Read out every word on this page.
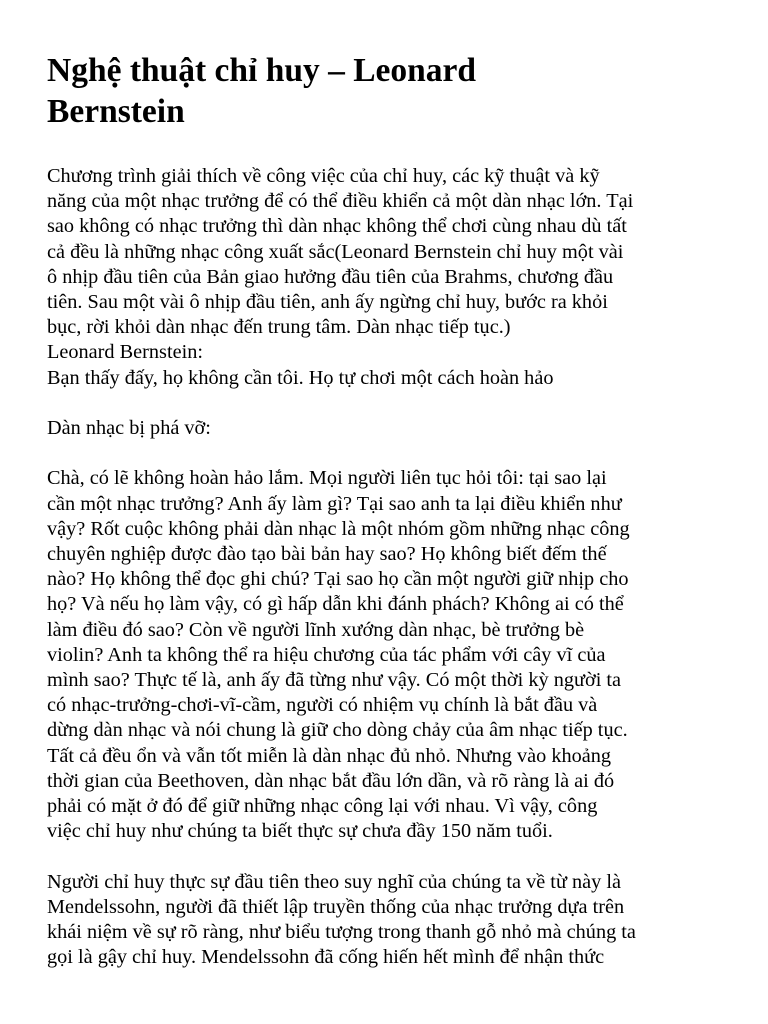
Nghệ thuật chỉ huy – Leonard
Bernstein

Chương trình giải thích về công việc của chỉ huy, các kỹ thuật và kỹ
năng của một nhạc trưởng để có thể điều khiển cả một dàn nhạc lớn. Tại
sao không có nhạc trưởng thì dàn nhạc không thể chơi cùng nhau dù tất
cả đều là những nhạc công xuất sắc(Leonard Bernstein chỉ huy một vài
ô nhịp đầu tiên của Bản giao hưởng đầu tiên của Brahms, chương đầu
tiên. Sau một vài ô nhịp đầu tiên, anh ấy ngừng chỉ huy, bước ra khỏi
bục, rời khỏi dàn nhạc đến trung tâm. Dàn nhạc tiếp tục.)
Leonard Bernstein:
Bạn thấy đấy, họ không cần tôi. Họ tự chơi một cách hoàn hảo

Dàn nhạc bị phá vỡ:

Chà, có lẽ không hoàn hảo lắm. Mọi người liên tục hỏi tôi: tại sao lại
cần một nhạc trưởng? Anh ấy làm gì? Tại sao anh ta lại điều khiển như
vậy? Rốt cuộc không phải dàn nhạc là một nhóm gồm những nhạc công
chuyên nghiệp được đào tạo bài bản hay sao? Họ không biết đếm thế
nào? Họ không thể đọc ghi chú? Tại sao họ cần một người giữ nhịp cho
họ? Và nếu họ làm vậy, có gì hấp dẫn khi đánh phách? Không ai có thể
làm điều đó sao? Còn về người lĩnh xướng dàn nhạc, bè trưởng bè
violin? Anh ta không thể ra hiệu chương của tác phẩm với cây vĩ của
mình sao? Thực tế là, anh ấy đã từng như vậy. Có một thời kỳ người ta
có nhạc-trưởng-chơi-vĩ-cầm, người có nhiệm vụ chính là bắt đầu và
dừng dàn nhạc và nói chung là giữ cho dòng chảy của âm nhạc tiếp tục.
Tất cả đều ổn và vẫn tốt miễn là dàn nhạc đủ nhỏ. Nhưng vào khoảng
thời gian của Beethoven, dàn nhạc bắt đầu lớn dần, và rõ ràng là ai đó
phải có mặt ở đó để giữ những nhạc công lại với nhau. Vì vậy, công
việc chỉ huy như chúng ta biết thực sự chưa đầy 150 năm tuổi.

Người chỉ huy thực sự đầu tiên theo suy nghĩ của chúng ta về từ này là
Mendelssohn, người đã thiết lập truyền thống của nhạc trưởng dựa trên
khái niệm về sự rõ ràng, như biểu tượng trong thanh gỗ nhỏ mà chúng ta
gọi là gậy chỉ huy. Mendelssohn đã cống hiến hết mình để nhận thức
